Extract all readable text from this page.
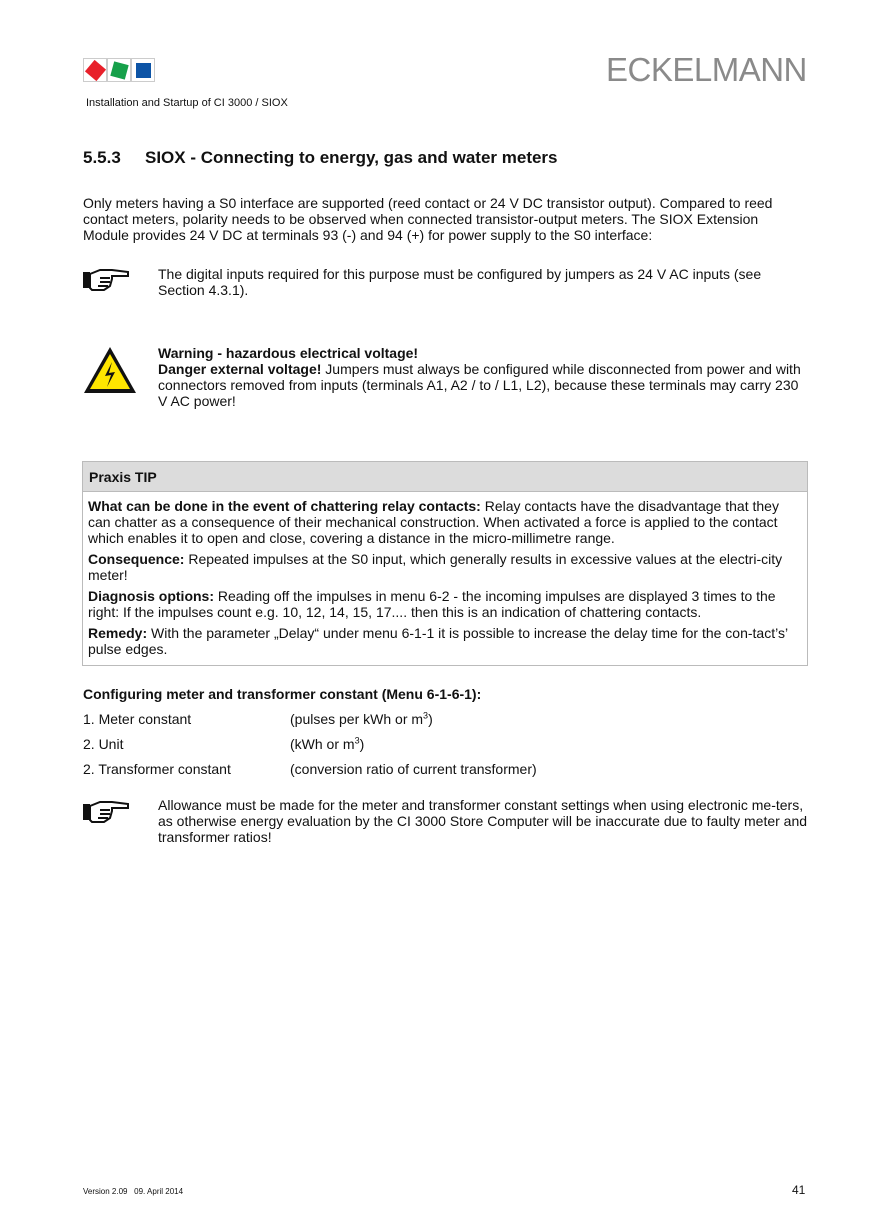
ECKELMANN
Installation and Startup of CI 3000 / SIOX
5.5.3 SIOX - Connecting to energy, gas and water meters
Only meters having a S0 interface are supported (reed contact or 24 V DC transistor output). Compared to reed contact meters, polarity needs to be observed when connected transistor-output meters. The SIOX Extension Module provides 24 V DC at terminals 93 (-) and 94 (+) for power supply to the S0 interface:
The digital inputs required for this purpose must be configured by jumpers as 24 V AC inputs (see Section 4.3.1).
Warning - hazardous electrical voltage!
Danger external voltage! Jumpers must always be configured while disconnected from power and with connectors removed from inputs (terminals A1, A2 / to / L1, L2), because these terminals may carry 230 V AC power!
Praxis TIP

What can be done in the event of chattering relay contacts: Relay contacts have the disadvantage that they can chatter as a consequence of their mechanical construction. When activated a force is applied to the contact which enables it to open and close, covering a distance in the micro-millimetre range.

Consequence: Repeated impulses at the S0 input, which generally results in excessive values at the electri-city meter!

Diagnosis options: Reading off the impulses in menu 6-2 - the incoming impulses are displayed 3 times to the right: If the impulses count e.g. 10, 12, 14, 15, 17.... then this is an indication of chattering contacts.

Remedy: With the parameter „Delay“ under menu 6-1-1 it is possible to increase the delay time for the con-tact’s’ pulse edges.

Configuring meter and transformer constant (Menu 6-1-6-1):
1. Meter constant	(pulses per kWh or $m^3$)
2. Unit	(kWh or $m^3$)
2. Transformer constant	(conversion ratio of current transformer)
Allowance must be made for the meter and transformer constant settings when using electronic me-ters, as otherwise energy evaluation by the CI 3000 Store Computer will be inaccurate due to faulty meter and transformer ratios!
Version 2.09   09. April 2014	41
